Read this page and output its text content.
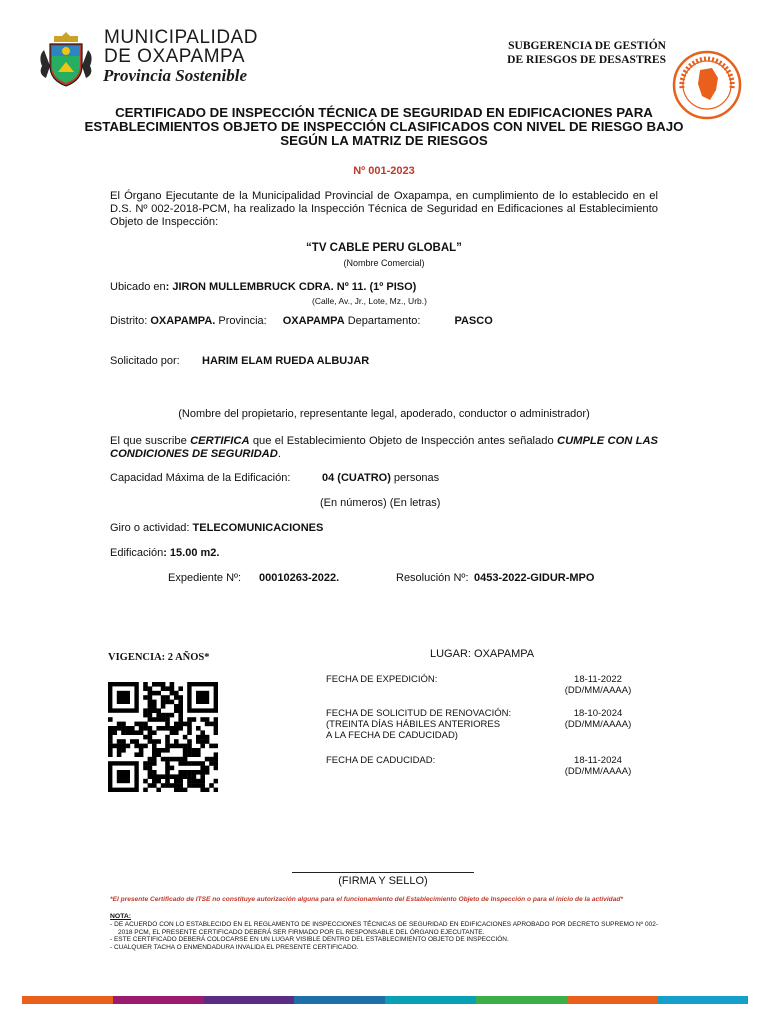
MUNICIPALIDAD
DE OXAPAMPA
Provincia Sostenible
SUBGERENCIA DE GESTIÓN
DE RIESGOS DE DESASTRES
CERTIFICADO DE INSPECCIÓN TÉCNICA DE SEGURIDAD EN EDIFICACIONES PARA ESTABLECIMIENTOS OBJETO DE INSPECCIÓN CLASIFICADOS CON NIVEL DE RIESGO BAJO SEGÚN LA MATRIZ DE RIESGOS
Nº 001-2023
El Órgano Ejecutante de la Municipalidad Provincial de Oxapampa, en cumplimiento de lo establecido en el D.S. Nº 002-2018-PCM, ha realizado la Inspección Técnica de Seguridad en Edificaciones al Establecimiento Objeto de Inspección:
“TV CABLE PERU GLOBAL”
(Nombre Comercial)
Ubicado en: JIRON MULLEMBRUCK CDRA. Nº 11. (1º PISO)
(Calle, Av., Jr., Lote, Mz., Urb.)
Distrito: OXAPAMPA. Provincia: OXAPAMPA Departamento:	PASCO
Solicitado por: HARIM ELAM RUEDA ALBUJAR
(Nombre del propietario, representante legal, apoderado, conductor o administrador)
El que suscribe CERTIFICA que el Establecimiento Objeto de Inspección antes señalado CUMPLE CON LAS CONDICIONES DE SEGURIDAD.
Capacidad Máxima de la Edificación:	04 (CUATRO) personas
(En números) (En letras)
Giro o actividad: TELECOMUNICACIONES
Edificación: 15.00 m2.
Expediente Nº: 00010263-2022.	Resolución Nº: 0453-2022-GIDUR-MPO
VIGENCIA: 2 AÑOS*	LUGAR: OXAPAMPA
FECHA DE EXPEDICIÓN:	18-11-2022
(DD/MM/AAAA)
FECHA DE SOLICITUD DE RENOVACIÓN:
(TREINTA DÍAS HÁBILES ANTERIORES
A LA FECHA DE CADUCIDAD)
18-10-2024
(DD/MM/AAAA)
FECHA DE CADUCIDAD:	18-11-2024
(DD/MM/AAAA)
(FIRMA Y SELLO)
*El presente Certificado de ITSE no constituye autorización alguna para el funcionamiento del Establecimiento Objeto de Inspección o para el inicio de la actividad*
NOTA:
- DE ACUERDO CON LO ESTABLECIDO EN EL REGLAMENTO DE INSPECCIONES TÉCNICAS DE SEGURIDAD EN EDIFICACIONES APROBADO POR DECRETO SUPREMO Nº 002-2018 PCM, EL PRESENTE CERTIFICADO DEBERÁ SER FIRMADO POR EL RESPONSABLE DEL ÓRGANO EJECUTANTE.
- ESTE CERTIFICADO DEBERÁ COLOCARSE EN UN LUGAR VISIBLE DENTRO DEL ESTABLECIMIENTO OBJETO DE INSPECCIÓN.
- CUALQUIER TACHA O ENMENDADURA INVALIDA EL PRESENTE CERTIFICADO.
